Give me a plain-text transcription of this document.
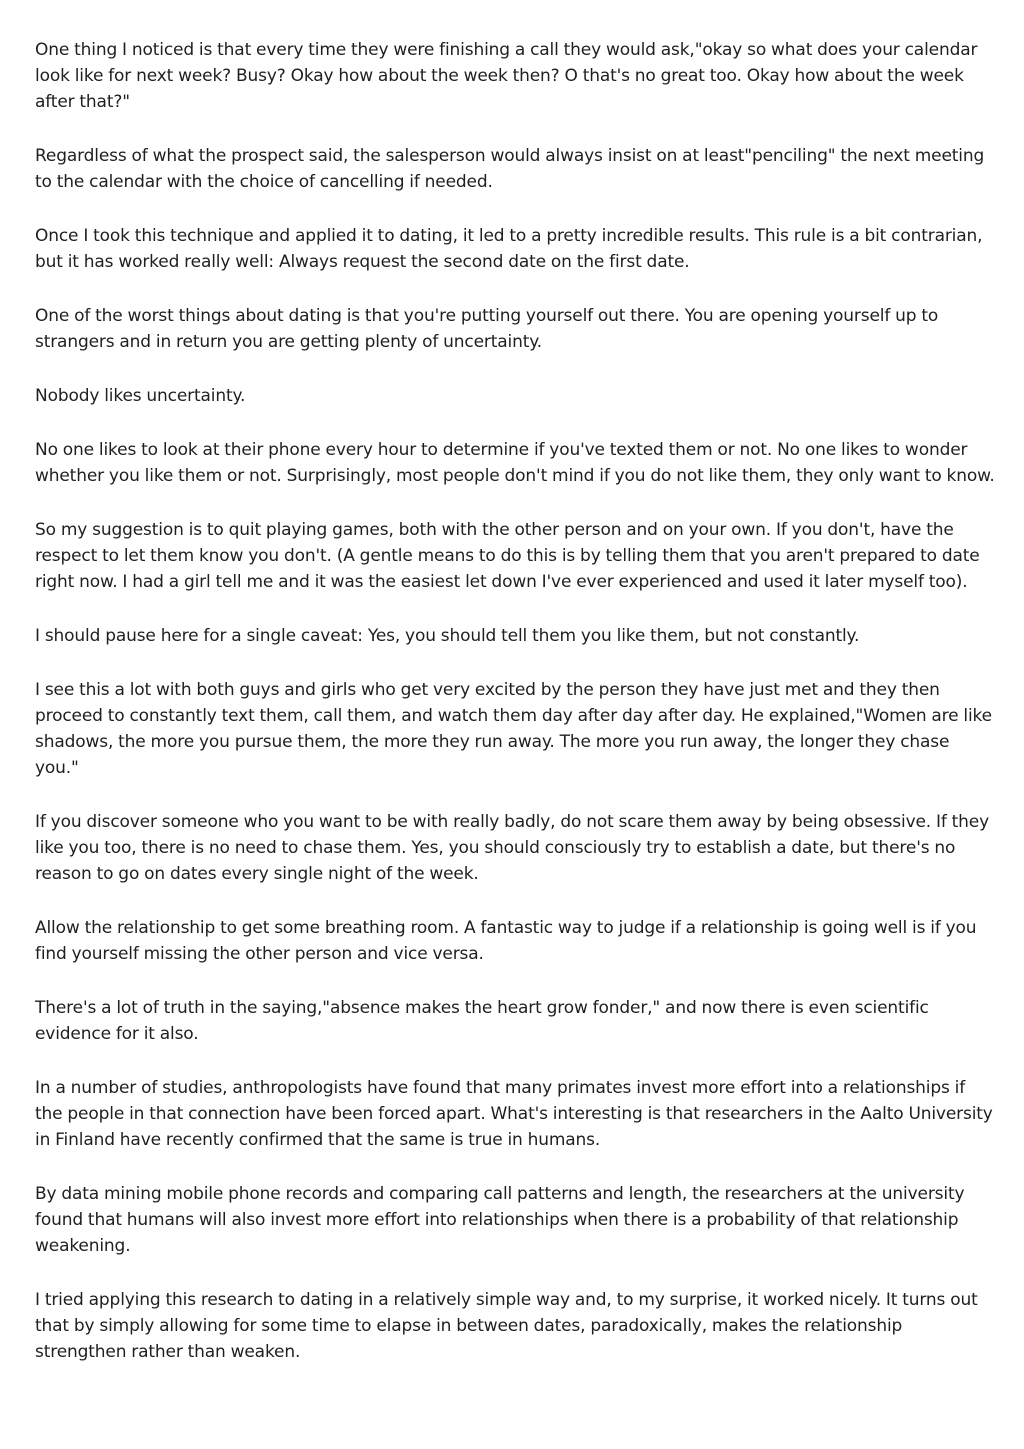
One thing I noticed is that every time they were finishing a call they would ask,"okay so what does your calendar look like for next week? Busy? Okay how about the week then? O that's no great too. Okay how about the week after that?"

Regardless of what the prospect said, the salesperson would always insist on at least"penciling" the next meeting to the calendar with the choice of cancelling if needed.

Once I took this technique and applied it to dating, it led to a pretty incredible results. This rule is a bit contrarian, but it has worked really well: Always request the second date on the first date.

One of the worst things about dating is that you're putting yourself out there. You are opening yourself up to strangers and in return you are getting plenty of uncertainty.

Nobody likes uncertainty.

No one likes to look at their phone every hour to determine if you've texted them or not. No one likes to wonder whether you like them or not. Surprisingly, most people don't mind if you do not like them, they only want to know.

So my suggestion is to quit playing games, both with the other person and on your own. If you don't, have the respect to let them know you don't. (A gentle means to do this is by telling them that you aren't prepared to date right now. I had a girl tell me and it was the easiest let down I've ever experienced and used it later myself too).

I should pause here for a single caveat: Yes, you should tell them you like them, but not constantly.

I see this a lot with both guys and girls who get very excited by the person they have just met and they then proceed to constantly text them, call them, and watch them day after day after day. He explained,"Women are like shadows, the more you pursue them, the more they run away. The more you run away, the longer they chase you."

If you discover someone who you want to be with really badly, do not scare them away by being obsessive. If they like you too, there is no need to chase them. Yes, you should consciously try to establish a date, but there's no reason to go on dates every single night of the week.

Allow the relationship to get some breathing room. A fantastic way to judge if a relationship is going well is if you find yourself missing the other person and vice versa.

There's a lot of truth in the saying,"absence makes the heart grow fonder," and now there is even scientific evidence for it also.

In a number of studies, anthropologists have found that many primates invest more effort into a relationships if the people in that connection have been forced apart. What's interesting is that researchers in the Aalto University in Finland have recently confirmed that the same is true in humans.

By data mining mobile phone records and comparing call patterns and length, the researchers at the university found that humans will also invest more effort into relationships when there is a probability of that relationship weakening.

I tried applying this research to dating in a relatively simple way and, to my surprise, it worked nicely. It turns out that by simply allowing for some time to elapse in between dates, paradoxically, makes the relationship strengthen rather than weaken.
